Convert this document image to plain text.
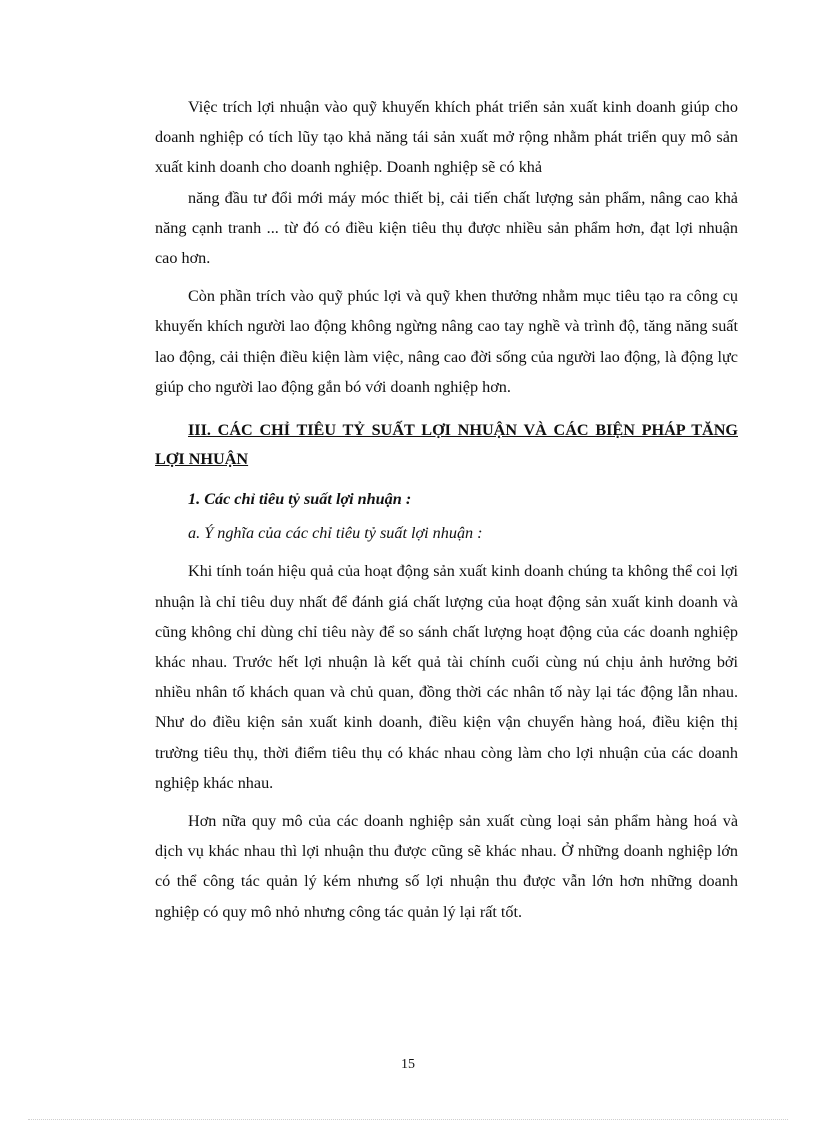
Việc trích lợi nhuận vào quỹ khuyến khích phát triển sản xuất kinh doanh giúp cho doanh nghiệp có tích lũy tạo khả năng tái sản xuất mở rộng nhằm phát triển quy mô sản xuất kinh doanh cho doanh nghiệp. Doanh nghiệp sẽ có khả

năng đầu tư đổi mới máy móc thiết bị, cải tiến chất lượng sản phẩm, nâng cao khả năng cạnh tranh ... từ đó có điều kiện tiêu thụ được nhiều sản phẩm hơn, đạt lợi nhuận cao hơn.

Còn phần trích vào quỹ phúc lợi và quỹ khen thưởng nhằm mục tiêu tạo ra công cụ khuyến khích người lao động không ngừng nâng cao tay nghề và trình độ, tăng năng suất lao động, cải thiện điều kiện làm việc, nâng cao đời sống của người lao động, là động lực giúp cho người lao động gắn bó với doanh nghiệp hơn.

III. CÁC CHỈ TIÊU TỶ SUẤT LỢI NHUẬN VÀ CÁC BIỆN PHÁP TĂNG LỢI NHUẬN

1. Các chỉ tiêu tỷ suất lợi nhuận :

a. Ý nghĩa của các chỉ tiêu tỷ suất lợi nhuận :

Khi tính toán hiệu quả của hoạt động sản xuất kinh doanh chúng ta không thể coi lợi nhuận là chỉ tiêu duy nhất để đánh giá chất lượng của hoạt động sản xuất kinh doanh và cũng không chỉ dùng chỉ tiêu này để so sánh chất lượng hoạt động của các doanh nghiệp khác nhau. Trước hết lợi nhuận là kết quả tài chính cuối cùng nú chịu ảnh hưởng bởi nhiều nhân tố khách quan và chủ quan, đồng thời các nhân tố này lại tác động lẫn nhau. Như do điều kiện sản xuất kinh doanh, điều kiện vận chuyển hàng hoá, điều kiện thị trường tiêu thụ, thời điểm tiêu thụ có khác nhau còng làm cho lợi nhuận của các doanh nghiệp khác nhau.

Hơn nữa quy mô của các doanh nghiệp sản xuất cùng loại sản phẩm hàng hoá và dịch vụ khác nhau thì lợi nhuận thu được cũng sẽ khác nhau. Ở những doanh nghiệp lớn có thể công tác quản lý kém nhưng số lợi nhuận thu được vẫn lớn hơn những doanh nghiệp có quy mô nhỏ nhưng công tác quản lý lại rất tốt.

15
